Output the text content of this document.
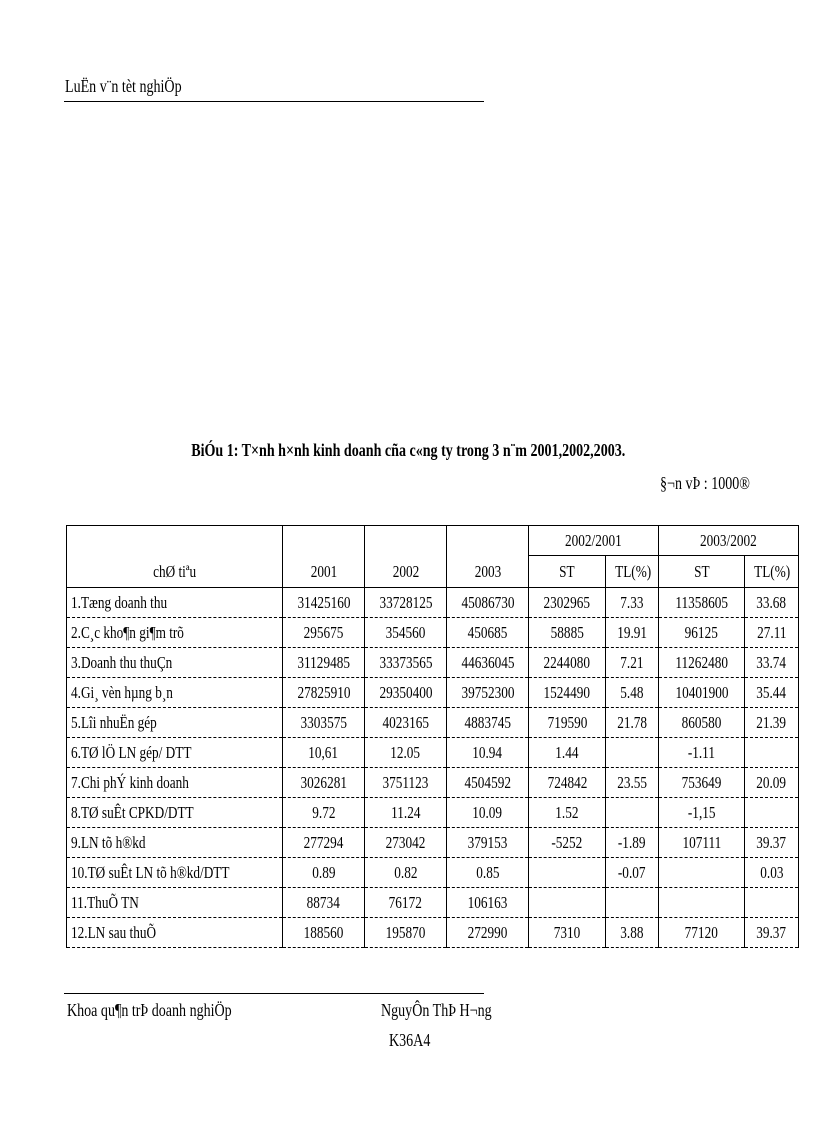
LuËn v¨n tèt nghiÖp
BiÓu 1: T×nh h×nh kinh doanh cña c«ng ty trong 3 n¨m 2001,2002,2003.
§¬n vÞ : 1000®
chØ tiªu	2001	2002	2003	2002/2001		2003/2002	
				ST	TL(%)	ST	TL(%)
1.Tæng doanh thu	31425160	33728125	45086730	2302965	7.33	11358605	33.68
2.C¸c kho¶n gi¶m trõ	295675	354560	450685	58885	19.91	96125	27.11
3.Doanh thu thuÇn	31129485	33373565	44636045	2244080	7.21	11262480	33.74
4.Gi¸ vèn hµng b¸n	27825910	29350400	39752300	1524490	5.48	10401900	35.44
5.Lîi nhuËn gép	3303575	4023165	4883745	719590	21.78	860580	21.39
6.TØ lÖ LN gép/ DTT	10,61	12.05	10.94	1.44		-1.11	
7.Chi phÝ kinh doanh	3026281	3751123	4504592	724842	23.55	753649	20.09
8.TØ suÊt CPKD/DTT	9.72	11.24	10.09	1.52		-1,15	
9.LN tõ h®kd	277294	273042	379153	-5252	-1.89	107111	39.37
10.TØ suÊt LN tõ h®kd/DTT	0.89	0.82	0.85		-0.07		0.03
11.ThuÕ TN	88734	76172	106163				
12.LN sau thuÕ	188560	195870	272990	7310	3.88	77120	39.37
Khoa qu¶n trÞ doanh nghiÖp	NguyÔn ThÞ H¬ng
K36A4
